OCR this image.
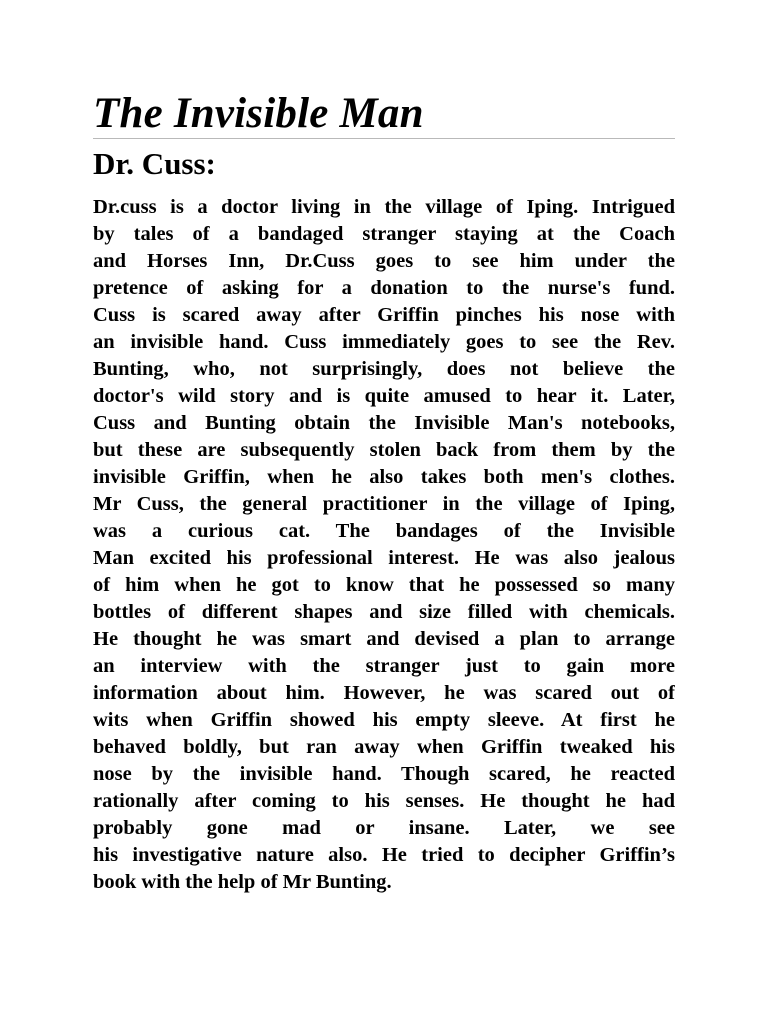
The Invisible Man
Dr. Cuss:
Dr.cuss is a doctor living in the village of Iping. Intrigued
by tales of a bandaged stranger staying at the Coach
and Horses Inn, Dr.Cuss goes to see him under the
pretence of asking for a donation to the nurse's fund.
Cuss is scared away after Griffin pinches his nose with
an invisible hand. Cuss immediately goes to see the Rev.
Bunting, who, not surprisingly, does not believe the
doctor's wild story and is quite amused to hear it. Later,
Cuss and Bunting obtain the Invisible Man's notebooks,
but these are subsequently stolen back from them by the
invisible Griffin, when he also takes both men's clothes.
Mr Cuss, the general practitioner in the village of Iping,
was a curious cat. The bandages of the Invisible
Man excited his professional interest. He was also jealous
of him when he got to know that he possessed so many
bottles of different shapes and size filled with chemicals.
He thought he was smart and devised a plan to arrange
an interview with the stranger just to gain more
information about him. However, he was scared out of
wits when Griffin showed his empty sleeve. At first he
behaved boldly, but ran away when Griffin tweaked his
nose by the invisible hand. Though scared, he reacted
rationally after coming to his senses. He thought he had
probably gone mad or insane. Later, we see
his investigative nature also. He tried to decipher Griffin’s
book with the help of Mr Bunting.
